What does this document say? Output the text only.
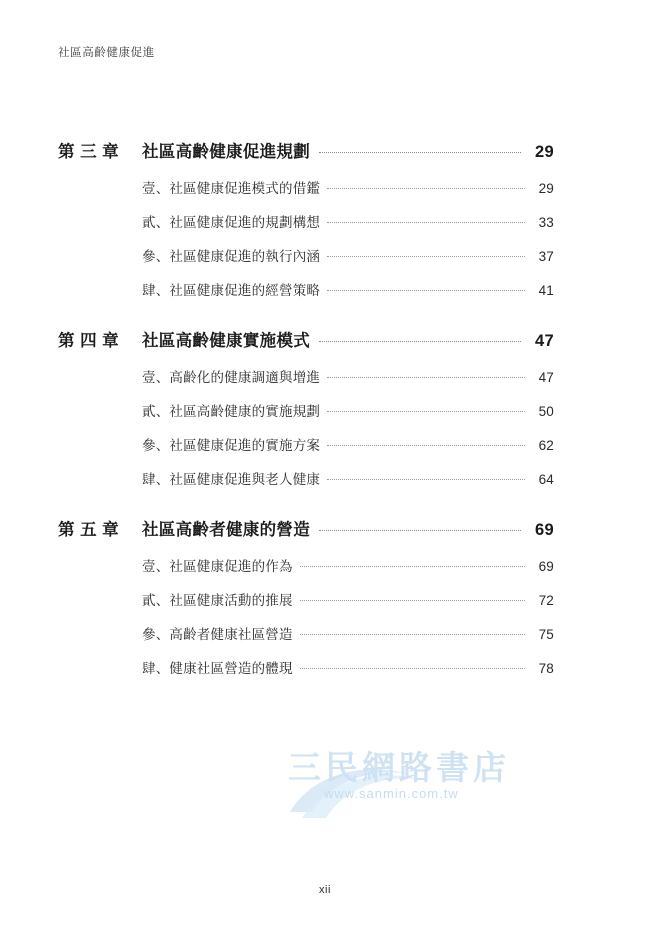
社區高齡健康促進
第 三 章	社區高齡健康促進規劃	29
壹、社區健康促進模式的借鑑	29
貳、社區健康促進的規劃構想	33
參、社區健康促進的執行內涵	37
肆、社區健康促進的經營策略	41
第 四 章	社區高齡健康實施模式	47
壹、高齡化的健康調適與增進	47
貳、社區高齡健康的實施規劃	50
參、社區健康促進的實施方案	62
肆、社區健康促進與老人健康	64
第 五 章	社區高齡者健康的營造	69
壹、社區健康促進的作為	69
貳、社區健康活動的推展	72
參、高齡者健康社區營造	75
肆、健康社區營造的體現	78
三民網路書店
www.sanmin.com.tw
xii
